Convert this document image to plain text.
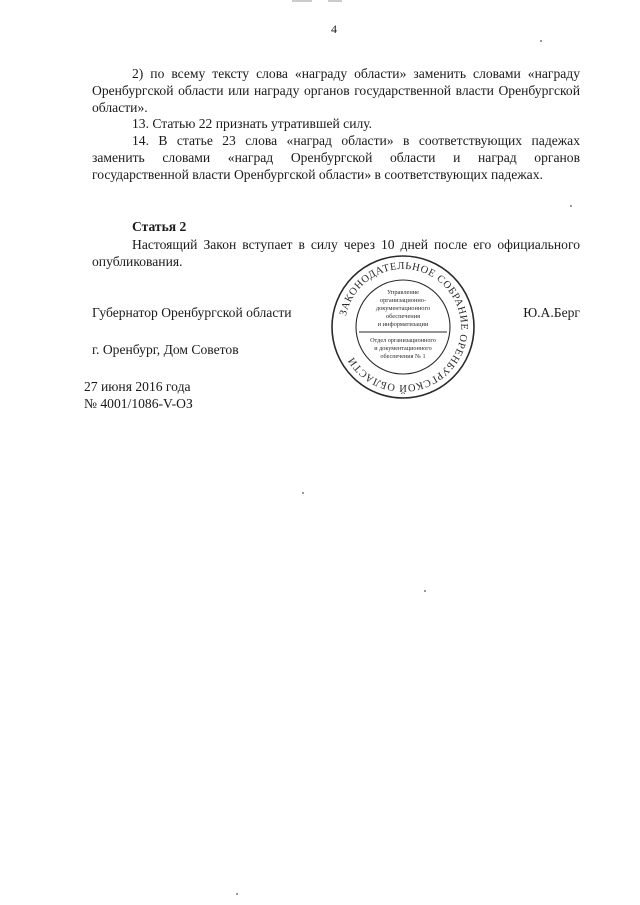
4

2) по всему тексту слова «награду области» заменить словами «награду Оренбургской области или награду органов государственной власти Оренбургской области».

13. Статью 22 признать утратившей силу.

14. В статье 23 слова «наград области» в соответствующих падежах заменить словами «наград Оренбургской области и наград органов государственной власти Оренбургской области» в соответствующих падежах.

Статья 2

Настоящий Закон вступает в силу через 10 дней после его официального опубликования.

Губернатор Оренбургской области	Ю.А.Берг
г. Оренбург, Дом Советов
27 июня 2016 года
№ 4001/1086-V-ОЗ
ЗАКОНОДАТЕЛЬНОЕ СОБРАНИЕ ОРЕНБУРГСКОЙ ОБЛАСТИ
Управление
организационно-
документационного
обеспечения
и информатизации
Отдел организационного
и документационного
обеспечения № 1
